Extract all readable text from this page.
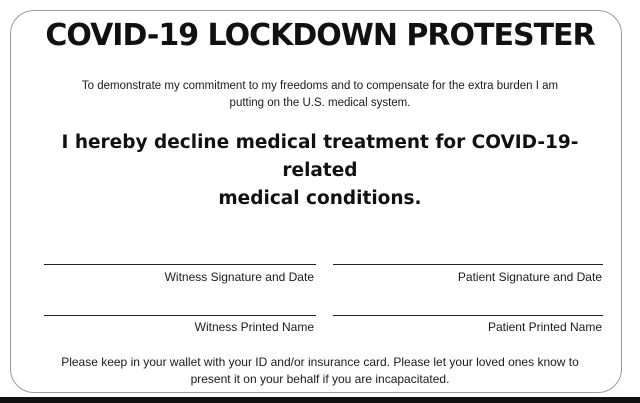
COVID-19 LOCKDOWN PROTESTER
To demonstrate my commitment to my freedoms and to compensate for the extra burden I am
putting on the U.S. medical system.
I hereby decline medical treatment for COVID-19-related
medical conditions.
Witness Signature and Date	Patient Signature and Date
Witness Printed Name	Patient Printed Name
Please keep in your wallet with your ID and/or insurance card. Please let your loved ones know to
present it on your behalf if you are incapacitated.
